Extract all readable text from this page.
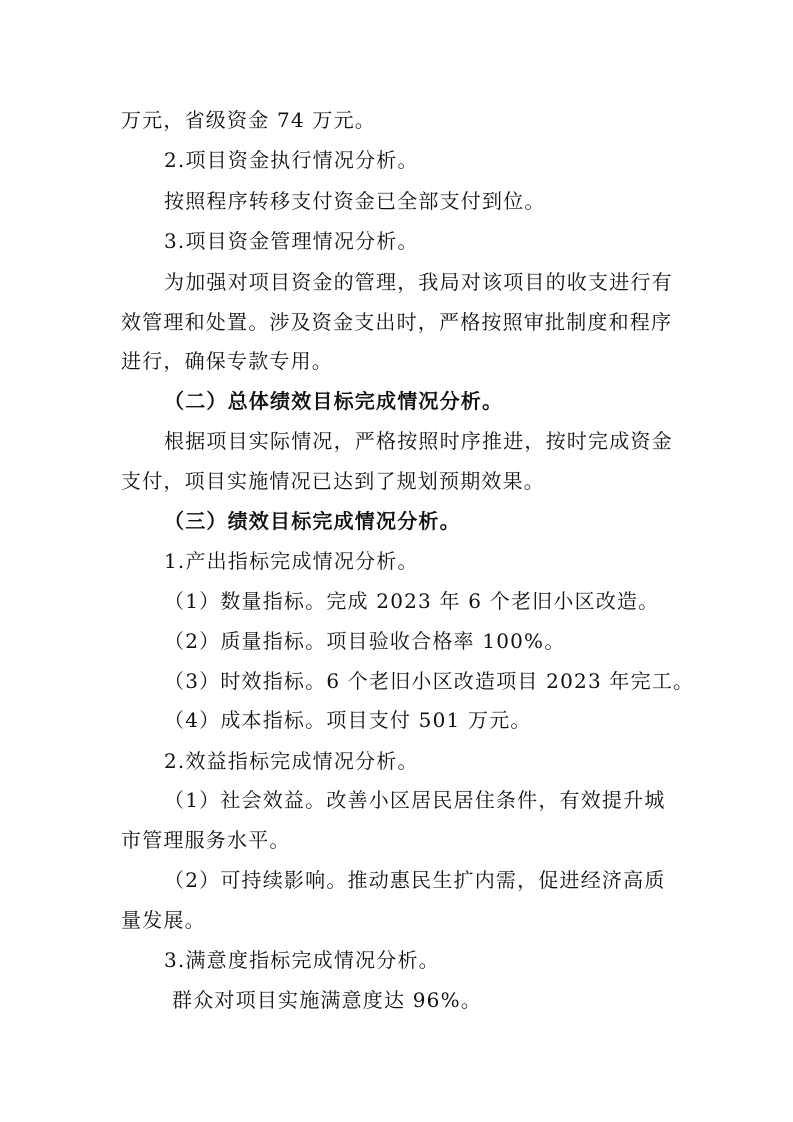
万元，省级资金 74 万元。
2.项目资金执行情况分析。
按照程序转移支付资金已全部支付到位。
3.项目资金管理情况分析。
为加强对项目资金的管理，我局对该项目的收支进行有
效管理和处置。涉及资金支出时，严格按照审批制度和程序
进行，确保专款专用。
（二）总体绩效目标完成情况分析。
根据项目实际情况，严格按照时序推进，按时完成资金
支付，项目实施情况已达到了规划预期效果。
（三）绩效目标完成情况分析。
1.产出指标完成情况分析。
（1）数量指标。完成 2023 年 6 个老旧小区改造。
（2）质量指标。项目验收合格率 100%。
（3）时效指标。6 个老旧小区改造项目 2023 年完工。
（4）成本指标。项目支付 501 万元。
2.效益指标完成情况分析。
（1）社会效益。改善小区居民居住条件，有效提升城
市管理服务水平。
（2）可持续影响。推动惠民生扩内需，促进经济高质
量发展。
3.满意度指标完成情况分析。
群众对项目实施满意度达 96%。
